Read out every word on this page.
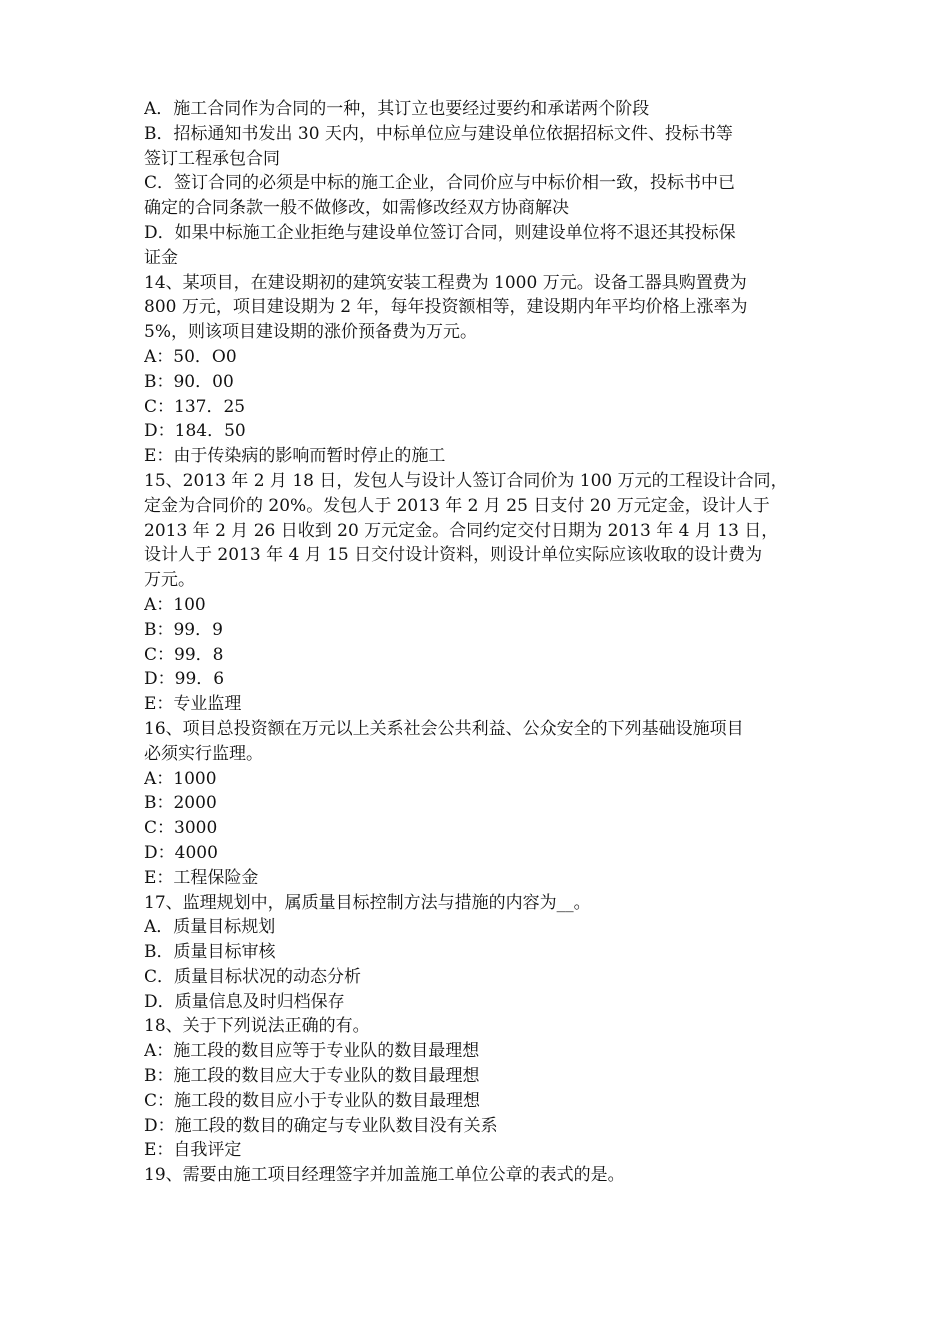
A．施工合同作为合同的一种，其订立也要经过要约和承诺两个阶段
B．招标通知书发出 30 天内，中标单位应与建设单位依据招标文件、投标书等
签订工程承包合同
C．签订合同的必须是中标的施工企业，合同价应与中标价相一致，投标书中已
确定的合同条款一般不做修改，如需修改经双方协商解决
D．如果中标施工企业拒绝与建设单位签订合同，则建设单位将不退还其投标保
证金
14、某项目，在建设期初的建筑安装工程费为 1000 万元。设备工器具购置费为
800 万元，项目建设期为 2 年，每年投资额相等，建设期内年平均价格上涨率为
5%，则该项目建设期的涨价预备费为万元。
A：50．O0
B：90．00
C：137．25
D：184．50
E：由于传染病的影响而暂时停止的施工
15、2013 年 2 月 18 日，发包人与设计人签订合同价为 100 万元的工程设计合同，
定金为合同价的 20%。发包人于 2013 年 2 月 25 日支付 20 万元定金，设计人于
2013 年 2 月 26 日收到 20 万元定金。合同约定交付日期为 2013 年 4 月 13 日，
设计人于 2013 年 4 月 15 日交付设计资料，则设计单位实际应该收取的设计费为
万元。
A：100
B：99．9
C：99．8
D：99．6
E：专业监理
16、项目总投资额在万元以上关系社会公共利益、公众安全的下列基础设施项目
必须实行监理。
A：1000
B：2000
C：3000
D：4000
E：工程保险金
17、监理规划中，属质量目标控制方法与措施的内容为__。
A．质量目标规划
B．质量目标审核
C．质量目标状况的动态分析
D．质量信息及时归档保存
18、关于下列说法正确的有。
A：施工段的数目应等于专业队的数目最理想
B：施工段的数目应大于专业队的数目最理想
C：施工段的数目应小于专业队的数目最理想
D：施工段的数目的确定与专业队数目没有关系
E：自我评定
19、需要由施工项目经理签字并加盖施工单位公章的表式的是。
